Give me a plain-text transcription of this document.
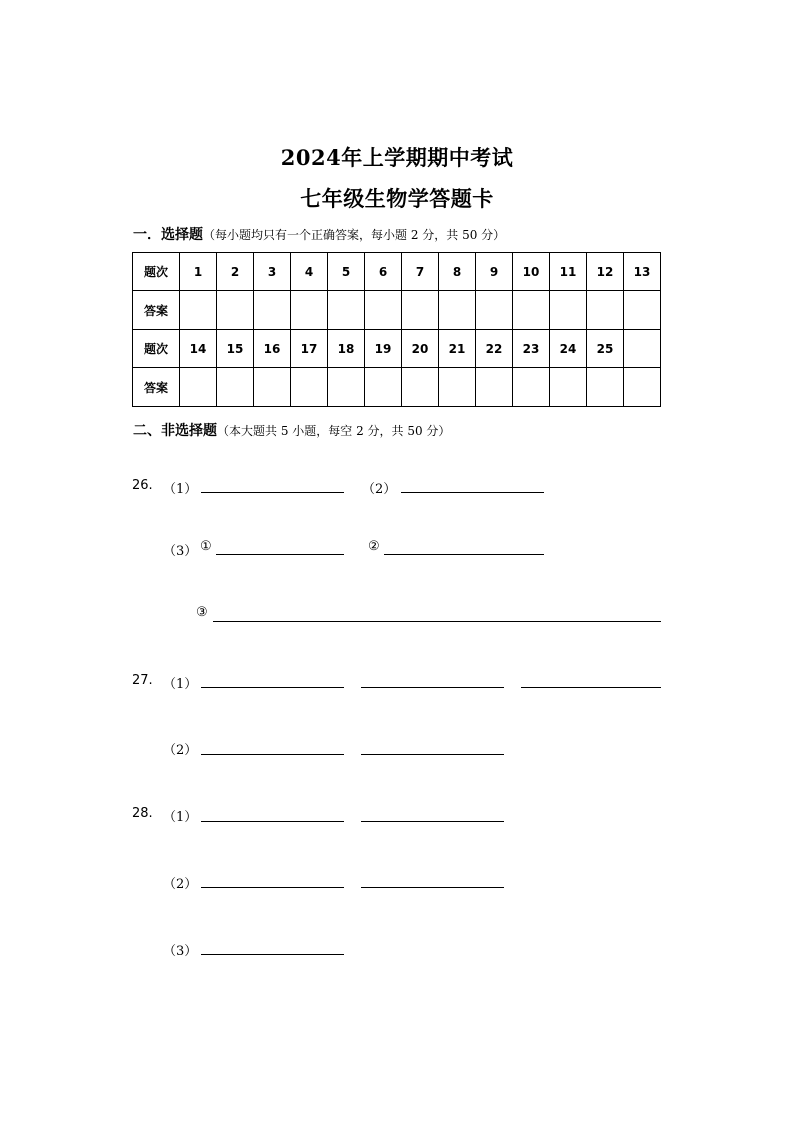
2024年上学期期中考试
七年级生物学答题卡
一．选择题（每小题均只有一个正确答案，每小题 2 分，共 50 分）
题次	1	2	3	4	5	6	7	8	9	10	11	12	13
答案													
题次	14	15	16	17	18	19	20	21	22	23	24	25	
答案													
二、非选择题（本大题共 5 小题，每空 2 分，共 50 分）
26. （1）	（2）
（3） ①	②
③
27. （1）
（2）
28. （1）
（2）
（3）
